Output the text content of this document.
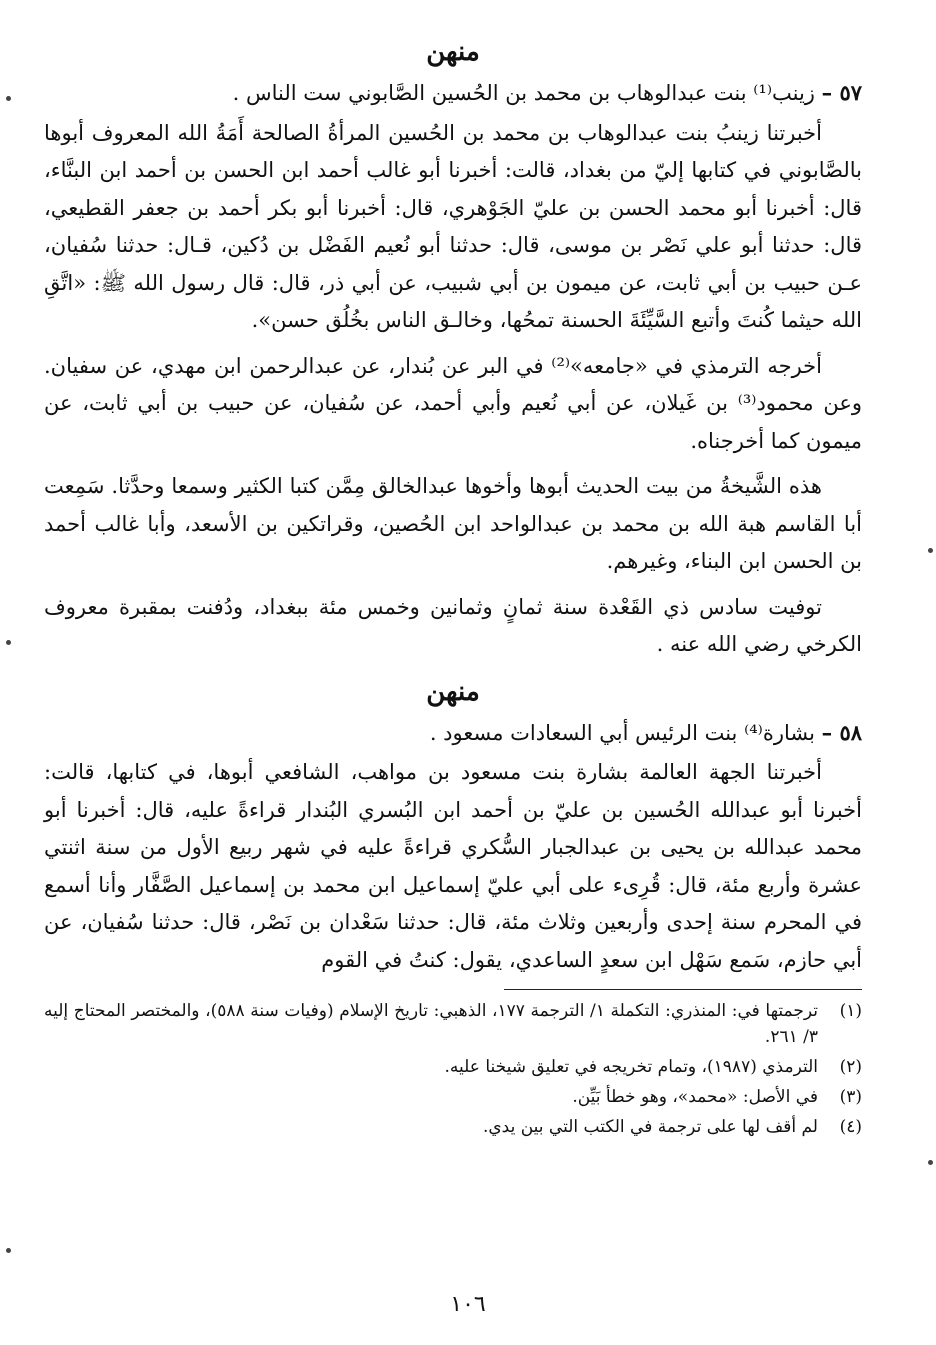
منهن

٥٧ – زينب⁽¹⁾ بنت عبدالوهاب بن محمد بن الحُسين الصَّابوني ست الناس .

أخبرتنا زينبُ بنت عبدالوهاب بن محمد بن الحُسين المرأةُ الصالحة أَمَةُ الله المعروف أبوها بالصَّابوني في كتابها إليّ من بغداد، قالت: أخبرنا أبو غالب أحمد ابن الحسن بن أحمد ابن البنَّاء، قال: أخبرنا أبو محمد الحسن بن عليّ الجَوْهري، قال: أخبرنا أبو بكر أحمد بن جعفر القطيعي، قال: حدثنا أبو علي نَصْر بن موسى، قال: حدثنا أبو نُعيم الفَضْل بن دُكين، قـال: حدثنا سُفيان، عـن حبيب بن أبي ثابت، عن ميمون بن أبي شبيب، عن أبي ذر، قال: قال رسول الله ﷺ: «اتَّقِ الله حيثما كُنتَ وأتبع السَّيِّئَةَ الحسنة تمحُها، وخالـق الناس بخُلُق حسن».

أخرجه الترمذي في «جامعه»⁽²⁾ في البر عن بُندار، عن عبدالرحمن ابن مهدي، عن سفيان. وعن محمود⁽³⁾ بن غَيلان، عن أبي نُعيم وأبي أحمد، عن سُفيان، عن حبيب بن أبي ثابت، عن ميمون كما أخرجناه.

هذه الشَّيخةُ من بيت الحديث أبوها وأخوها عبدالخالق مِمَّن كتبا الكثير وسمعا وحدَّثا. سَمِعت أبا القاسم هبة الله بن محمد بن عبدالواحد ابن الحُصين، وقراتكين بن الأسعد، وأبا غالب أحمد بن الحسن ابن البناء، وغيرهم.

توفيت سادس ذي القَعْدة سنة ثمانٍ وثمانين وخمس مئة ببغداد، ودُفنت بمقبرة معروف الكرخي رضي الله عنه .

منهن

٥٨ – بشارة⁽⁴⁾ بنت الرئيس أبي السعادات مسعود .

أخبرتنا الجهة العالمة بشارة بنت مسعود بن مواهب، الشافعي أبوها، في كتابها، قالت: أخبرنا أبو عبدالله الحُسين بن عليّ بن أحمد ابن البُسري البُندار قراءةً عليه، قال: أخبرنا أبو محمد عبدالله بن يحيى بن عبدالجبار السُّكري قراءةً عليه في شهر ربيع الأول من سنة اثنتي عشرة وأربع مئة، قال: قُرِىء على أبي عليّ إسماعيل ابن محمد بن إسماعيل الصَّفَّار وأنا أسمع في المحرم سنة إحدى وأربعين وثلاث مئة، قال: حدثنا سَعْدان بن نَصْر، قال: حدثنا سُفيان، عن أبي حازم، سَمع سَهْل ابن سعدٍ الساعدي، يقول: كنتُ في القوم

(١)
ترجمتها في: المنذري: التكملة ١/ الترجمة ١٧٧، الذهبي: تاريخ الإسلام (وفيات سنة ٥٨٨)، والمختصر المحتاج إليه ٣/ ٢٦١.
(٢)
الترمذي (١٩٨٧)، وتمام تخريجه في تعليق شيخنا عليه.
(٣)
في الأصل: «محمد»، وهو خطأ بَيِّن.
(٤)
لم أقف لها على ترجمة في الكتب التي بين يدي.
١٠٦
